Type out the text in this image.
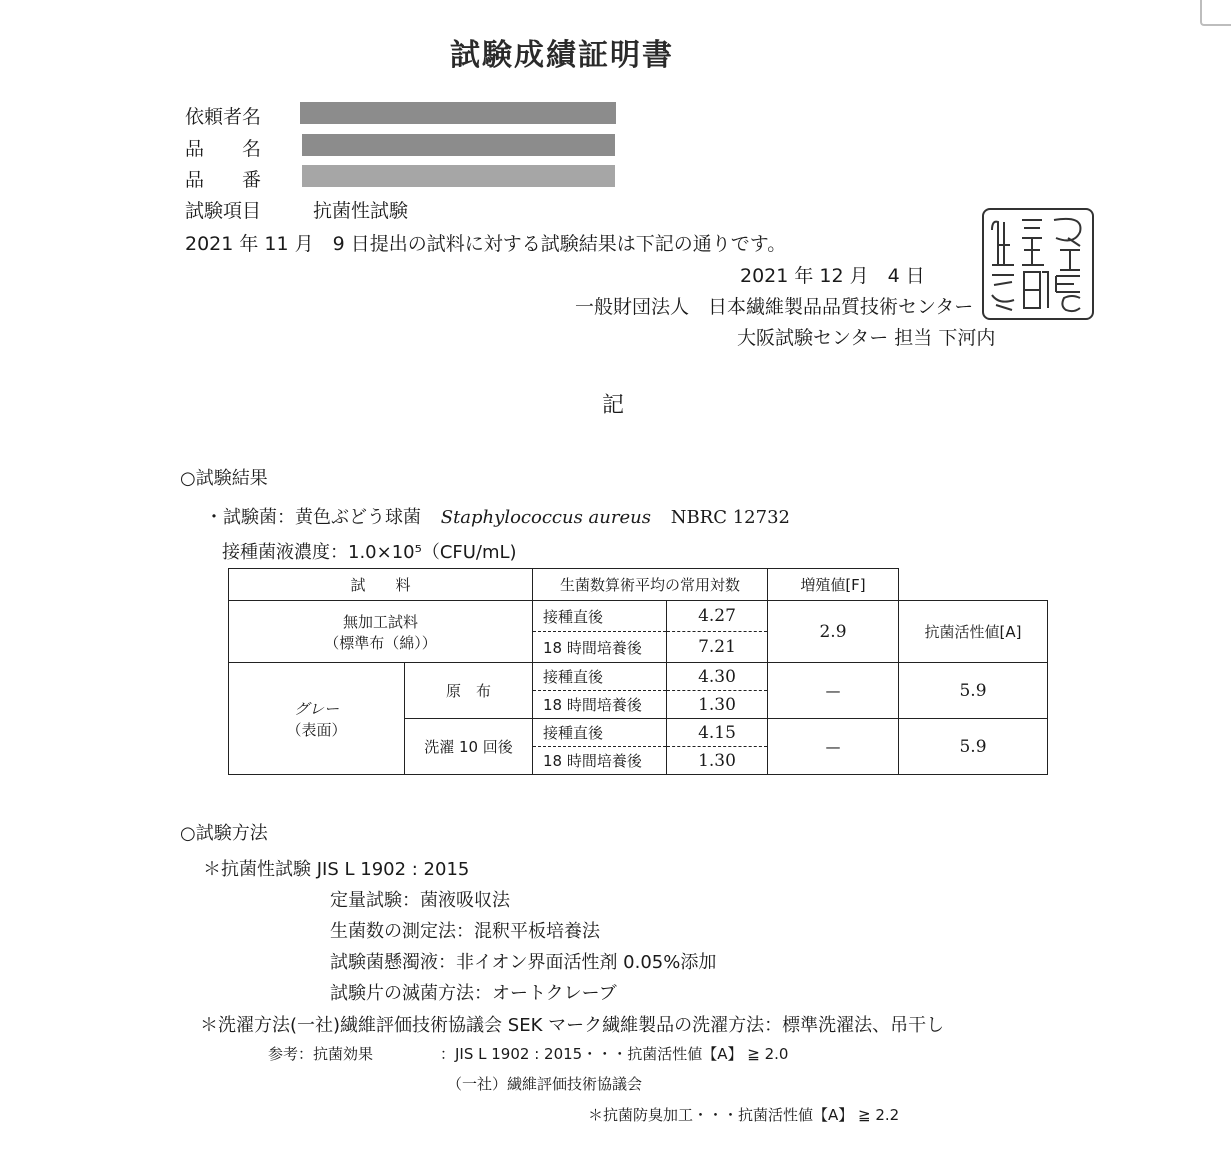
試験成績証明書
依頼者名
品　　名
品　　番
試験項目	抗菌性試験
2021 年 11 月　9 日提出の試料に対する試験結果は下記の通りです。
2021 年 12 月　4 日
一般財団法人　日本繊維製品品質技術センター
大阪試験センター 担当 下河内
記
○試験結果
・試験菌：黄色ぶどう球菌 Staphylococcus aureus NBRC 12732
接種菌液濃度：1.0×10⁵（CFU/mL)
試　　料		生菌数算術平均の常用対数		増殖値[F]	

無加工試料
（標準布（綿））		接種直後	4.27	2.9	抗菌活性値[A]
		18 時間培養後	7.21		

グレー
（表面）	原　布	接種直後	4.30	—	5.9
		18 時間培養後	1.30		
	洗濯 10 回後	接種直後	4.15	—	5.9
		18 時間培養後	1.30		
○試験方法
＊抗菌性試験 JIS L 1902 : 2015
定量試験：菌液吸収法
生菌数の測定法：混釈平板培養法
試験菌懸濁液：非イオン界面活性剤 0.05%添加
試験片の滅菌方法：オートクレーブ
＊洗濯方法(一社)繊維評価技術協議会 SEK マーク繊維製品の洗濯方法：標準洗濯法、吊干し
参考：抗菌効果	：JIS L 1902 : 2015・・・抗菌活性値【A】 ≧ 2.0
（一社）繊維評価技術協議会
＊抗菌防臭加工・・・抗菌活性値【A】 ≧ 2.2
